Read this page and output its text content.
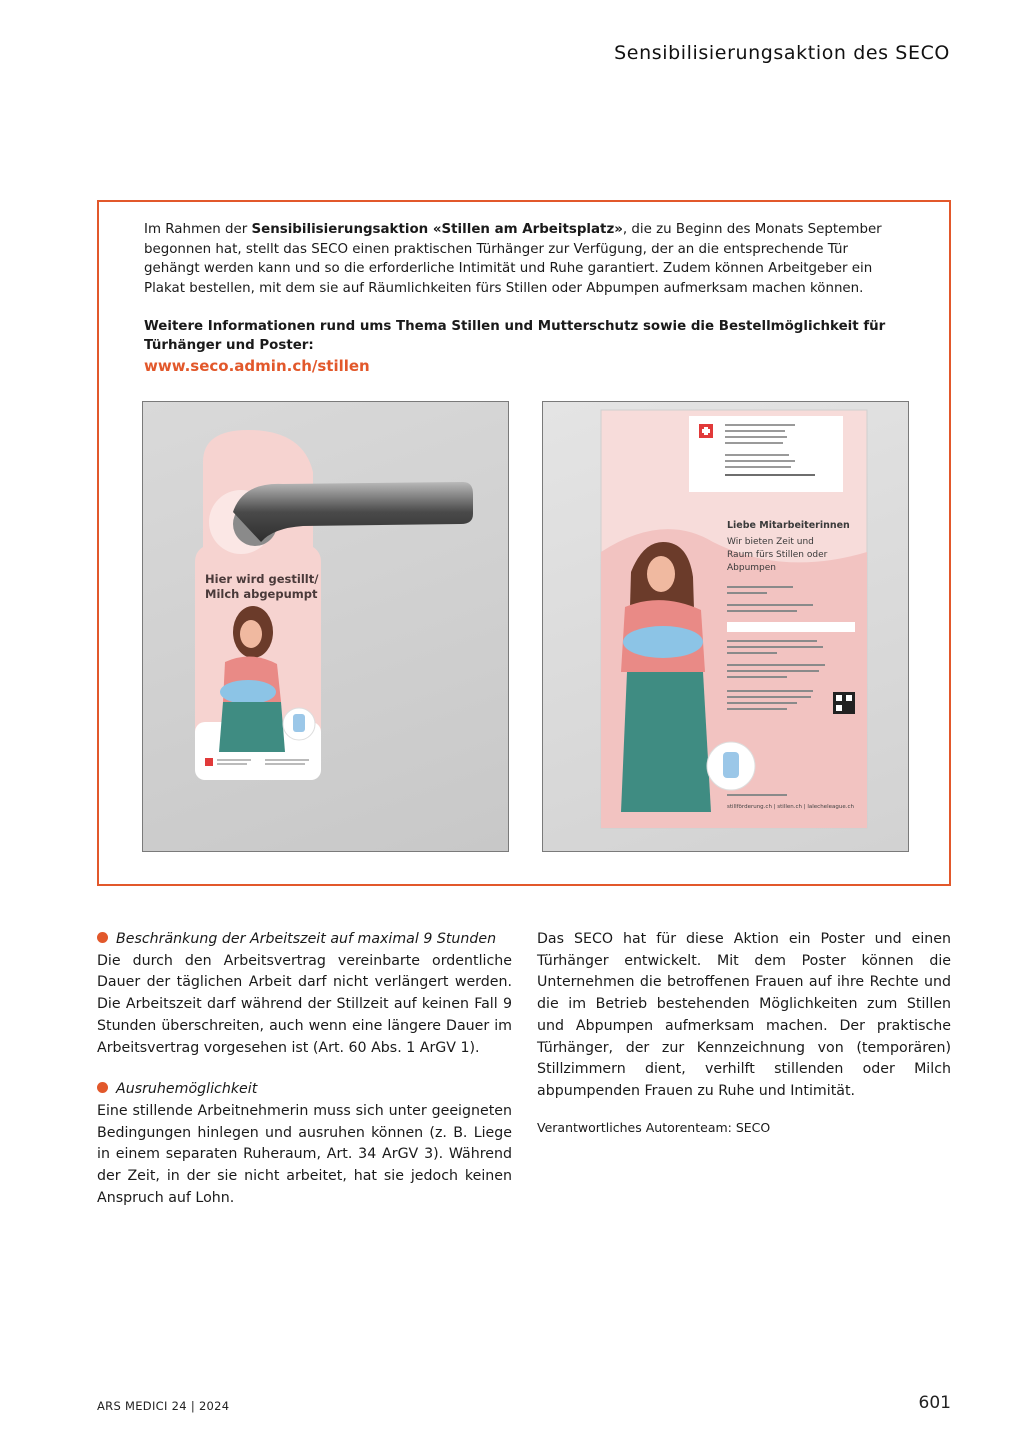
Sensibilisierungsaktion des SECO

Im Rahmen der Sensibilisierungsaktion «Stillen am Arbeitsplatz», die zu Beginn des Monats September begonnen hat, stellt das SECO einen praktischen Türhänger zur Verfügung, der an die entsprechende Tür gehängt werden kann und so die erforderliche Intimität und Ruhe garantiert. Zudem können Arbeitgeber ein Plakat bestellen, mit dem sie auf Räumlichkeiten fürs Stillen oder Abpumpen aufmerksam machen können.

Weitere Informationen rund ums Thema Stillen und Mutterschutz sowie die Bestellmöglichkeit für Türhänger und Poster:

www.seco.admin.ch/stillen
Hier wird gestillt/
Milch abgepumpt
Liebe Mitarbeiterinnen
Wir bieten Zeit und
Raum fürs Stillen oder
Abpumpen
stillförderung.ch | stillen.ch | lalecheleague.ch
Beschränkung der Arbeitszeit auf maximal 9 Stunden

Die durch den Arbeitsvertrag vereinbarte ordentliche Dauer der täglichen Arbeit darf nicht verlängert werden. Die Arbeitszeit darf während der Stillzeit auf keinen Fall 9 Stunden überschreiten, auch wenn eine längere Dauer im Arbeitsvertrag vorgesehen ist (Art. 60 Abs. 1 ArGV 1).

Ausruhemöglichkeit

Eine stillende Arbeitnehmerin muss sich unter geeigneten Bedingungen hinlegen und ausruhen können (z. B. Liege in einem separaten Ruheraum, Art. 34 ArGV 3). Während der Zeit, in der sie nicht arbeitet, hat sie jedoch keinen Anspruch auf Lohn.

Das SECO hat für diese Aktion ein Poster und einen Türhänger entwickelt. Mit dem Poster können die Unternehmen die betroffenen Frauen auf ihre Rechte und die im Betrieb bestehenden Möglichkeiten zum Stillen und Abpumpen aufmerksam machen. Der praktische Türhänger, der zur Kennzeichnung von (temporären) Stillzimmern dient, verhilft stillenden oder Milch abpumpenden Frauen zu Ruhe und Intimität.

Verantwortliches Autorenteam: SECO

ARS MEDICI 24 | 2024	601
